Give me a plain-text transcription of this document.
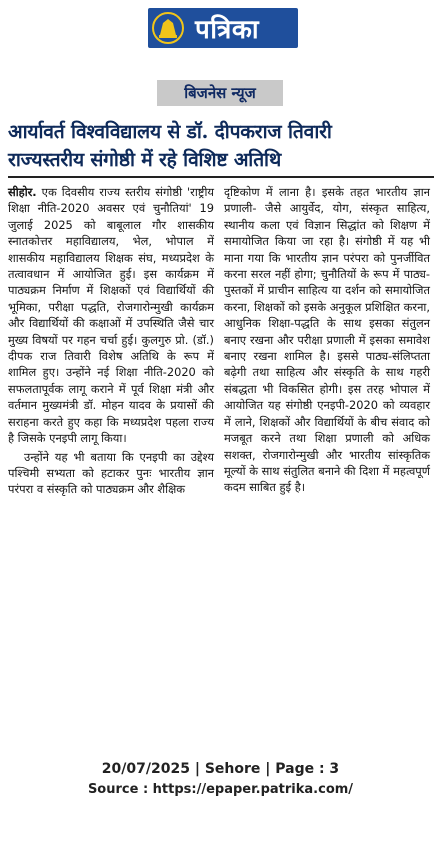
पत्रिका
बिजनेस न्यूज
आर्यावर्त विश्वविद्यालय से डॉ. दीपकराज तिवारी
राज्यस्तरीय संगोष्ठी में रहे विशिष्ट अतिथि

सीहोर. एक दिवसीय राज्य स्तरीय संगोष्ठी 'राष्ट्रीय शिक्षा नीति-2020 अवसर एवं चुनौतियां' 19 जुलाई 2025 को बाबूलाल गौर शासकीय स्नातकोत्तर महाविद्यालय, भेल, भोपाल में शासकीय महाविद्यालय शिक्षक संघ, मध्यप्रदेश के तत्वावधान में आयोजित हुई। इस कार्यक्रम में पाठ्यक्रम निर्माण में शिक्षकों एवं विद्यार्थियों की भूमिका, परीक्षा पद्धति, रोजगारोन्मुखी कार्यक्रम और विद्यार्थियों की कक्षाओं में उपस्थिति जैसे चार मुख्य विषयों पर गहन चर्चा हुई। कुलगुरु प्रो. (डॉ.) दीपक राज तिवारी विशेष अतिथि के रूप में शामिल हुए। उन्होंने नई शिक्षा नीति-2020 को सफलतापूर्वक लागू कराने में पूर्व शिक्षा मंत्री और वर्तमान मुख्यमंत्री डॉ. मोहन यादव के प्रयासों की सराहना करते हुए कहा कि मध्यप्रदेश पहला राज्य है जिसके एनइपी लागू किया।

उन्होंने यह भी बताया कि एनइपी का उद्देश्य पश्चिमी सभ्यता को हटाकर पुनः भारतीय ज्ञान परंपरा व संस्कृति को पाठ्यक्रम और शैक्षिक

दृष्टिकोण में लाना है। इसके तहत भारतीय ज्ञान प्रणाली- जैसे आयुर्वेद, योग, संस्कृत साहित्य, स्थानीय कला एवं विज्ञान सिद्धांत को शिक्षण में समायोजित किया जा रहा है। संगोष्ठी में यह भी माना गया कि भारतीय ज्ञान परंपरा को पुनर्जीवित करना सरल नहीं होगा; चुनौतियों के रूप में पाठ्य-पुस्तकों में प्राचीन साहित्य या दर्शन को समायोजित करना, शिक्षकों को इसके अनुकूल प्रशिक्षित करना, आधुनिक शिक्षा-पद्धति के साथ इसका संतुलन बनाए रखना और परीक्षा प्रणाली में इसका समावेश बनाए रखना शामिल है। इससे पाठ्य-संलिप्तता बढ़ेगी तथा साहित्य और संस्कृति के साथ गहरी संबद्धता भी विकसित होगी। इस तरह भोपाल में आयोजित यह संगोष्ठी एनइपी-2020 को व्यवहार में लाने, शिक्षकों और विद्यार्थियों के बीच संवाद को मजबूत करने तथा शिक्षा प्रणाली को अधिक सशक्त, रोजगारोन्मुखी और भारतीय सांस्कृतिक मूल्यों के साथ संतुलित बनाने की दिशा में महत्वपूर्ण कदम साबित हुई है।

20/07/2025 | Sehore | Page : 3
Source : https://epaper.patrika.com/
